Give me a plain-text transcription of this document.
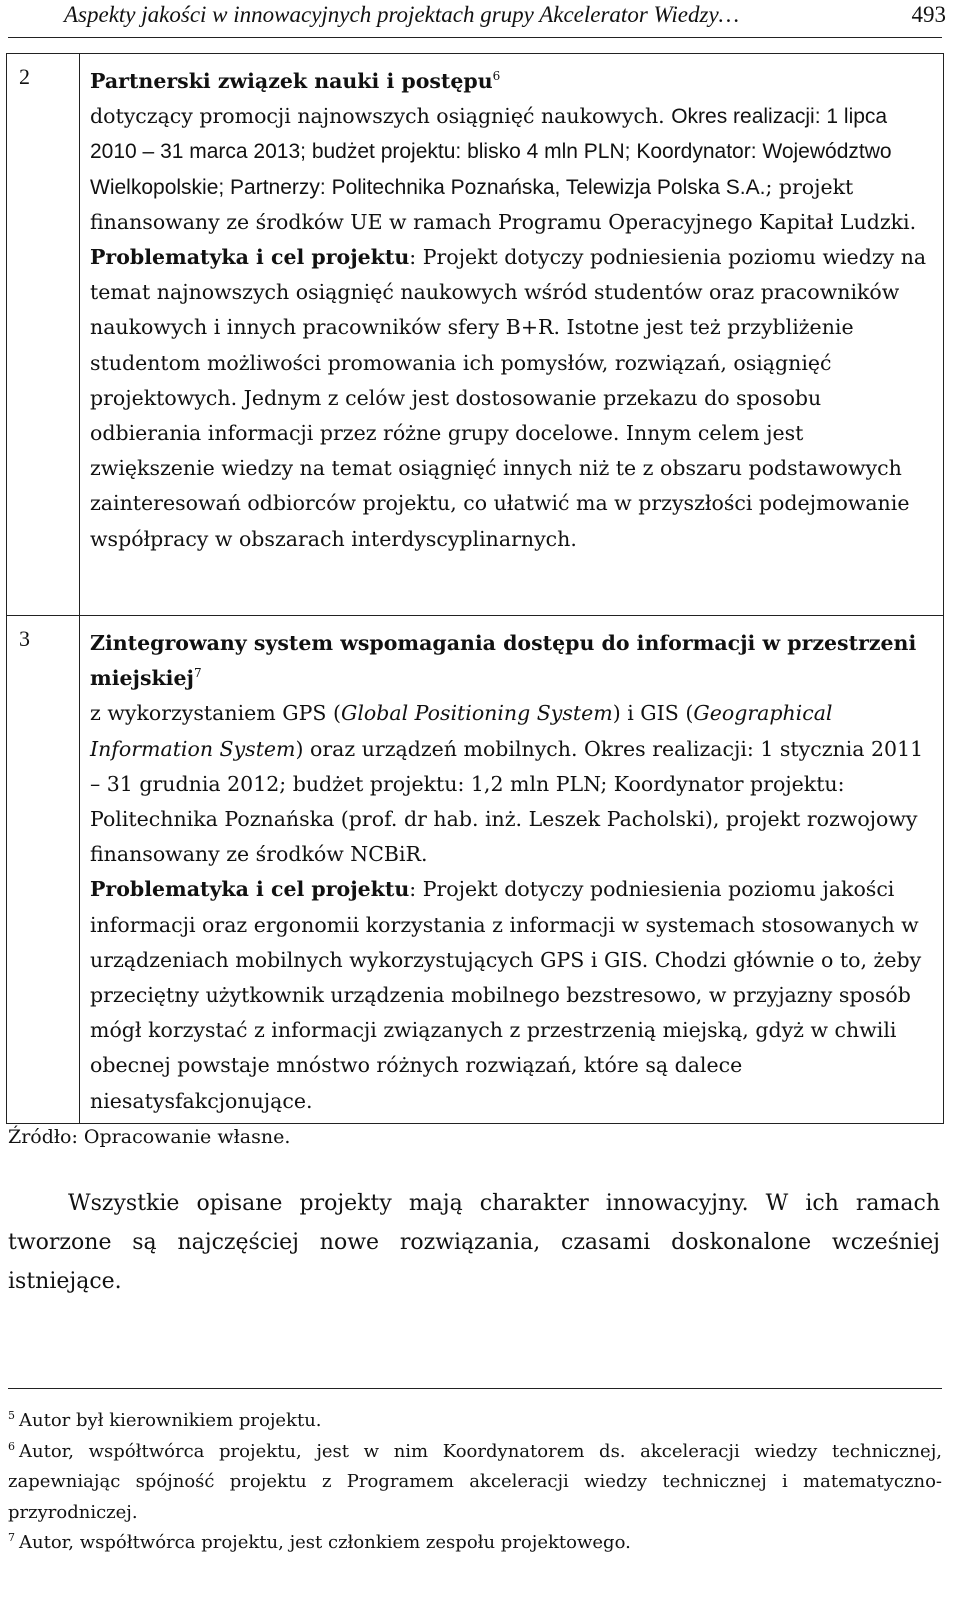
Aspekty jakości w innowacyjnych projektach grupy Akcelerator Wiedzy…	493
2	Partnerski związek nauki i postępu$^6$
dotyczący promocji najnowszych osiągnięć naukowych. Okres realizacji: 1 lipca 2010 – 31 marca 2013; budżet projektu: blisko 4 mln PLN; Koordynator: Województwo Wielkopolskie; Partnerzy: Politechnika Poznańska, Telewizja Polska S.A.; projekt finansowany ze środków UE w ramach Programu Operacyjnego Kapitał Ludzki.
Problematyka i cel projektu: Projekt dotyczy podniesienia poziomu wiedzy na temat najnowszych osiągnięć naukowych wśród studentów oraz pracowników naukowych i innych pracowników sfery B+R. Istotne jest też przybliżenie studentom możliwości promowania ich pomysłów, rozwiązań, osiągnięć projektowych. Jednym z celów jest dostosowanie przekazu do sposobu odbierania informacji przez różne grupy docelowe. Innym celem jest zwiększenie wiedzy na temat osiągnięć innych niż te z obszaru podstawowych zainteresowań odbiorców projektu, co ułatwić ma w przyszłości podejmowanie współpracy w obszarach interdyscyplinarnych.

3	Zintegrowany system wspomagania dostępu do informacji w przestrzeni miejskiej$^7$
z wykorzystaniem GPS (Global Positioning System) i GIS (Geographical Information System) oraz urządzeń mobilnych. Okres realizacji: 1 stycznia 2011 – 31 grudnia 2012; budżet projektu: 1,2 mln PLN; Koordynator projektu: Politechnika Poznańska (prof. dr hab. inż. Leszek Pacholski), projekt rozwojowy finansowany ze środków NCBiR.
Problematyka i cel projektu: Projekt dotyczy podniesienia poziomu jakości informacji oraz ergonomii korzystania z informacji w systemach stosowanych w urządzeniach mobilnych wykorzystujących GPS i GIS. Chodzi głównie o to, żeby przeciętny użytkownik urządzenia mobilnego bezstresowo, w przyjazny sposób mógł korzystać z informacji związanych z przestrzenią miejską, gdyż w chwili obecnej powstaje mnóstwo różnych rozwiązań, które są dalece niesatysfakcjonujące.
Źródło: Opracowanie własne.

Wszystkie opisane projekty mają charakter innowacyjny. W ich ramach tworzone są najczęściej nowe rozwiązania, czasami doskonalone wcześniej istniejące.

$^5$ Autor był kierownikiem projektu.

$^6$ Autor, współtwórca projektu, jest w nim Koordynatorem ds. akceleracji wiedzy technicznej, zapewniając spójność projektu z Programem akceleracji wiedzy technicznej i matematyczno-przyrodniczej.

$^7$ Autor, współtwórca projektu, jest członkiem zespołu projektowego.
